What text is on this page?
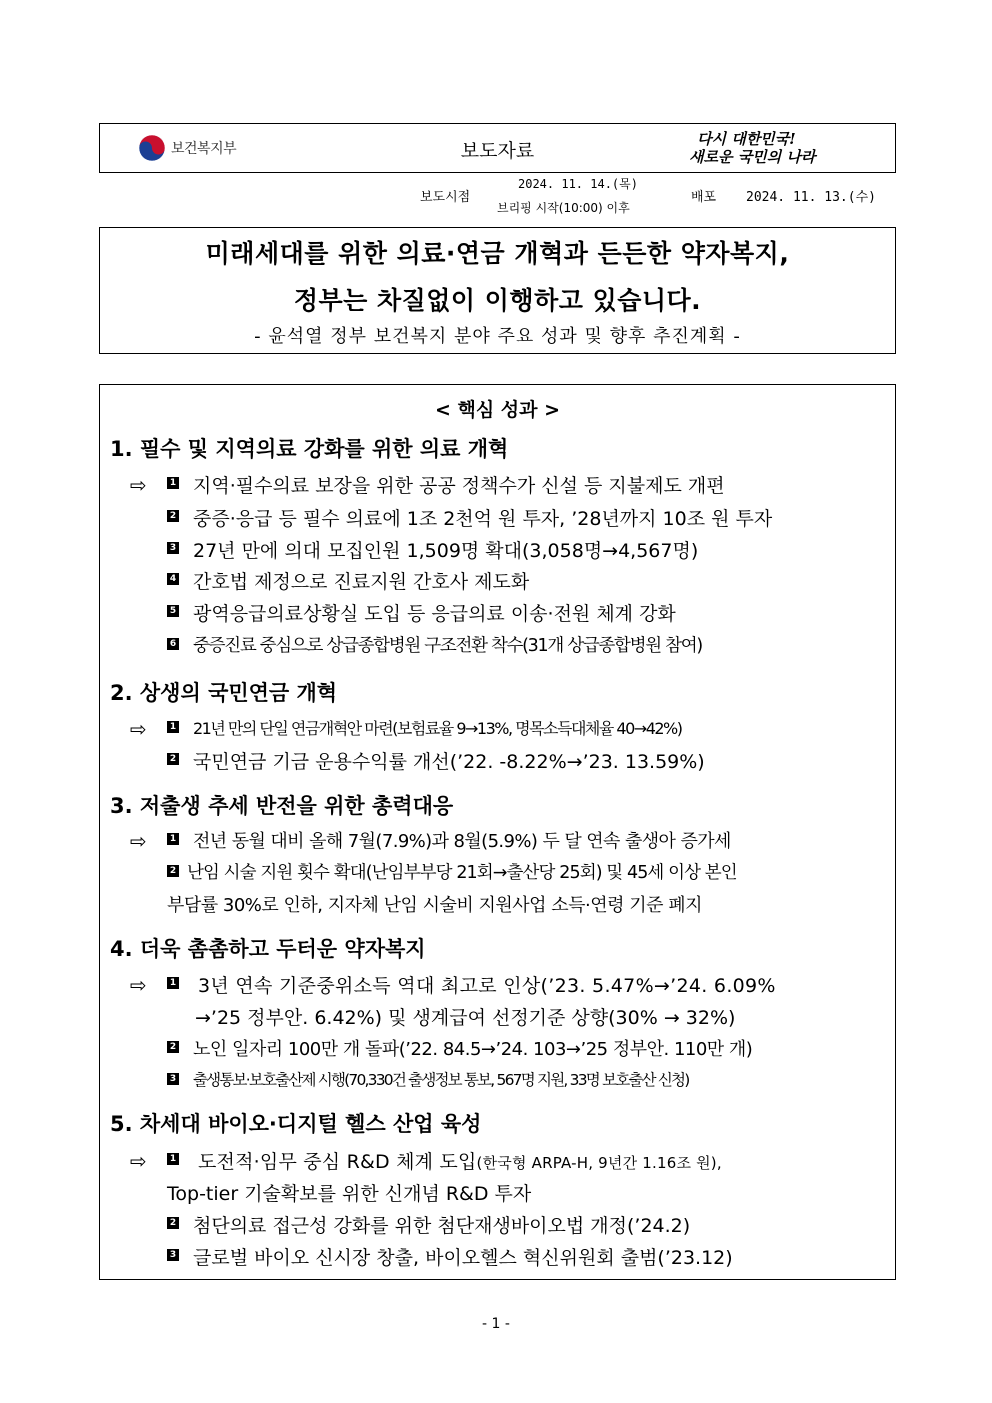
보건복지부	보도자료
다시 대한민국!
새로운 국민의 나라
보도시점
2024. 11. 14.(목)
브리핑 시작(10:00) 이후
배포 2024. 11. 13.(수)
미래세대를 위한 의료·연금 개혁과 든든한 약자복지,
정부는 차질없이 이행하고 있습니다.
- 윤석열 정부 보건복지 분야 주요 성과 및 향후 추진계획 -
< 핵심 성과 >
1. 필수 및 지역의료 강화를 위한 의료 개혁
⇨	1 지역·필수의료 보장을 위한 공공 정책수가 신설 등 지불제도 개편
2 중증·응급 등 필수 의료에 1조 2천억 원 투자, ’28년까지 10조 원 투자
3 27년 만에 의대 모집인원 1,509명 확대(3,058명→4,567명)
4 간호법 제정으로 진료지원 간호사 제도화
5 광역응급의료상황실 도입 등 응급의료 이송·전원 체계 강화
6 중증진료 중심으로 상급종합병원 구조전환 착수(31개 상급종합병원 참여)
2. 상생의 국민연금 개혁
⇨	1 21년 만의 단일 연금개혁안 마련(보험료율 9→13%, 명목소득대체율 40→42%)
2 국민연금 기금 운용수익률 개선(’22. -8.22%→’23. 13.59%)
3. 저출생 추세 반전을 위한 총력대응
⇨	1 전년 동월 대비 올해 7월(7.9%)과 8월(5.9%) 두 달 연속 출생아 증가세
2 난임 시술 지원 횟수 확대(난임부부당 21회→출산당 25회) 및 45세 이상 본인
부담률 30%로 인하, 지자체 난임 시술비 지원사업 소득·연령 기준 폐지
4. 더욱 촘촘하고 두터운 약자복지
⇨	1 3년 연속 기준중위소득 역대 최고로 인상(’23. 5.47%→’24. 6.09%
→’25 정부안. 6.42%) 및 생계급여 선정기준 상향(30% → 32%)
2 노인 일자리 100만 개 돌파(’22. 84.5→’24. 103→’25 정부안. 110만 개)
3 출생통보·보호출산제 시행(70,330건 출생정보 통보, 567명 지원, 33명 보호출산 신청)
5. 차세대 바이오·디지털 헬스 산업 육성
⇨	1 도전적·임무 중심 R&D 체계 도입(한국형 ARPA-H, 9년간 1.16조 원),
Top-tier 기술확보를 위한 신개념 R&D 투자
2 첨단의료 접근성 강화를 위한 첨단재생바이오법 개정(’24.2)
3 글로벌 바이오 신시장 창출, 바이오헬스 혁신위원회 출범(’23.12)
- 1 -
